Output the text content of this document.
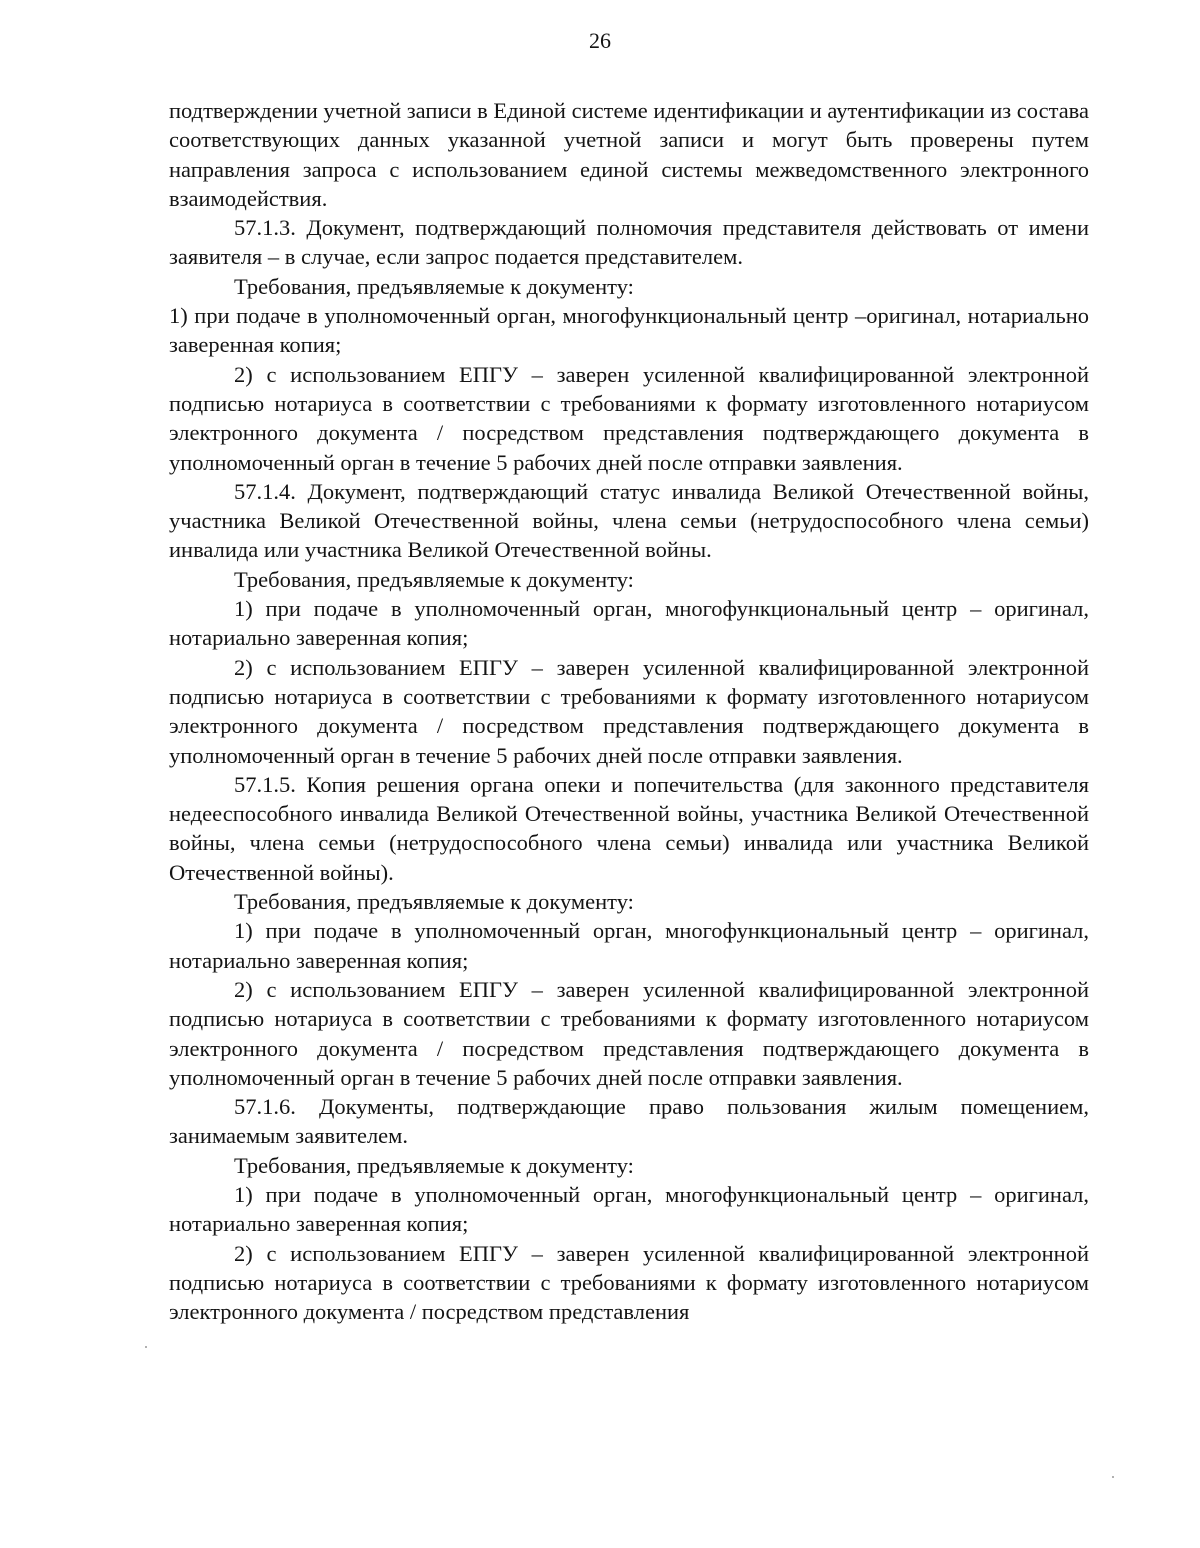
26

подтверждении учетной записи в Единой системе идентификации и аутентификации из состава соответствующих данных указанной учетной записи и могут быть проверены путем направления запроса с использованием единой системы межведомственного электронного взаимодействия.

57.1.3. Документ, подтверждающий полномочия представителя действовать от имени заявителя – в случае, если запрос подается представителем.

Требования, предъявляемые к документу:

1) при подаче в уполномоченный орган, многофункциональный центр –оригинал, нотариально заверенная копия;

2) с использованием ЕПГУ – заверен усиленной квалифицированной электронной подписью нотариуса в соответствии с требованиями к формату изготовленного нотариусом электронного документа / посредством представления подтверждающего документа в уполномоченный орган в течение 5 рабочих дней после отправки заявления.

57.1.4. Документ, подтверждающий статус инвалида Великой Отечественной войны, участника Великой Отечественной войны, члена семьи (нетрудоспособного члена семьи) инвалида или участника Великой Отечественной войны.

Требования, предъявляемые к документу:

1) при подаче в уполномоченный орган, многофункциональный центр – оригинал, нотариально заверенная копия;

2) с использованием ЕПГУ – заверен усиленной квалифицированной электронной подписью нотариуса в соответствии с требованиями к формату изготовленного нотариусом электронного документа / посредством представления подтверждающего документа в уполномоченный орган в течение 5 рабочих дней после отправки заявления.

57.1.5. Копия решения органа опеки и попечительства (для законного представителя недееспособного инвалида Великой Отечественной войны, участника Великой Отечественной войны, члена семьи (нетрудоспособного члена семьи) инвалида или участника Великой Отечественной войны).

Требования, предъявляемые к документу:

1) при подаче в уполномоченный орган, многофункциональный центр – оригинал, нотариально заверенная копия;

2) с использованием ЕПГУ – заверен усиленной квалифицированной электронной подписью нотариуса в соответствии с требованиями к формату изготовленного нотариусом электронного документа / посредством представления подтверждающего документа в уполномоченный орган в течение 5 рабочих дней после отправки заявления.

57.1.6. Документы, подтверждающие право пользования жилым помещением, занимаемым заявителем.

Требования, предъявляемые к документу:

1) при подаче в уполномоченный орган, многофункциональный центр – оригинал, нотариально заверенная копия;

2) с использованием ЕПГУ – заверен усиленной квалифицированной электронной подписью нотариуса в соответствии с требованиями к формату изготовленного нотариусом электронного документа / посредством представления
